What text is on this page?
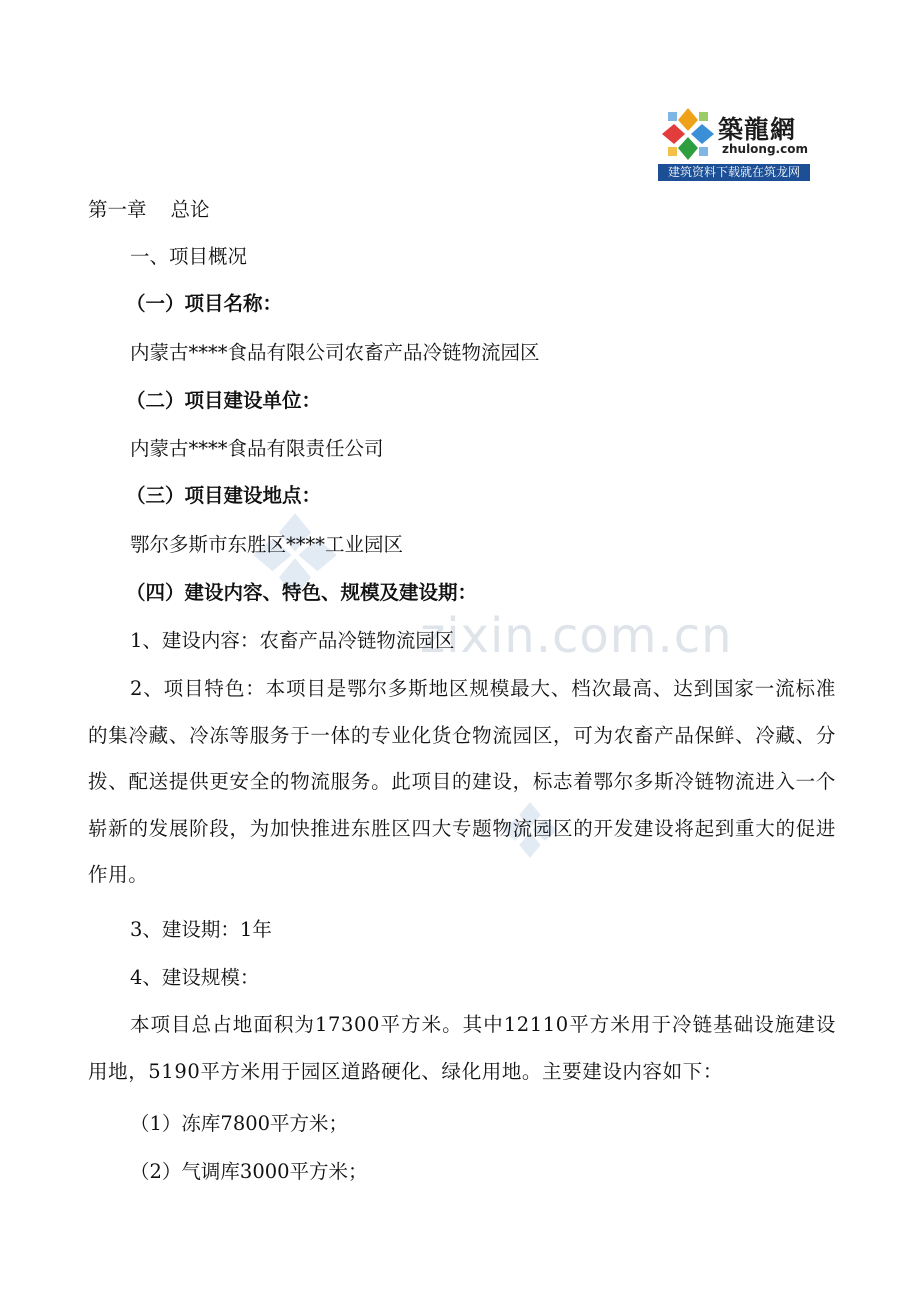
zixin.com.cn
築龍網
zhulong.com
建筑资料下载就在筑龙网
第一章 总论
一、项目概况
（一）项目名称：
内蒙古****食品有限公司农畜产品冷链物流园区
（二）项目建设单位：
内蒙古****食品有限责任公司
（三）项目建设地点：
鄂尔多斯市东胜区****工业园区
（四）建设内容、特色、规模及建设期：
1、建设内容：农畜产品冷链物流园区
2、项目特色：本项目是鄂尔多斯地区规模最大、档次最高、达到国家一流标准的集冷藏、冷冻等服务于一体的专业化货仓物流园区，可为农畜产品保鲜、冷藏、分拨、配送提供更安全的物流服务。此项目的建设，标志着鄂尔多斯冷链物流进入一个崭新的发展阶段，为加快推进东胜区四大专题物流园区的开发建设将起到重大的促进作用。
3、建设期：1年
4、建设规模：
本项目总占地面积为17300平方米。其中12110平方米用于冷链基础设施建设用地，5190平方米用于园区道路硬化、绿化用地。主要建设内容如下：
（1）冻库7800平方米；
（2）气调库3000平方米；
